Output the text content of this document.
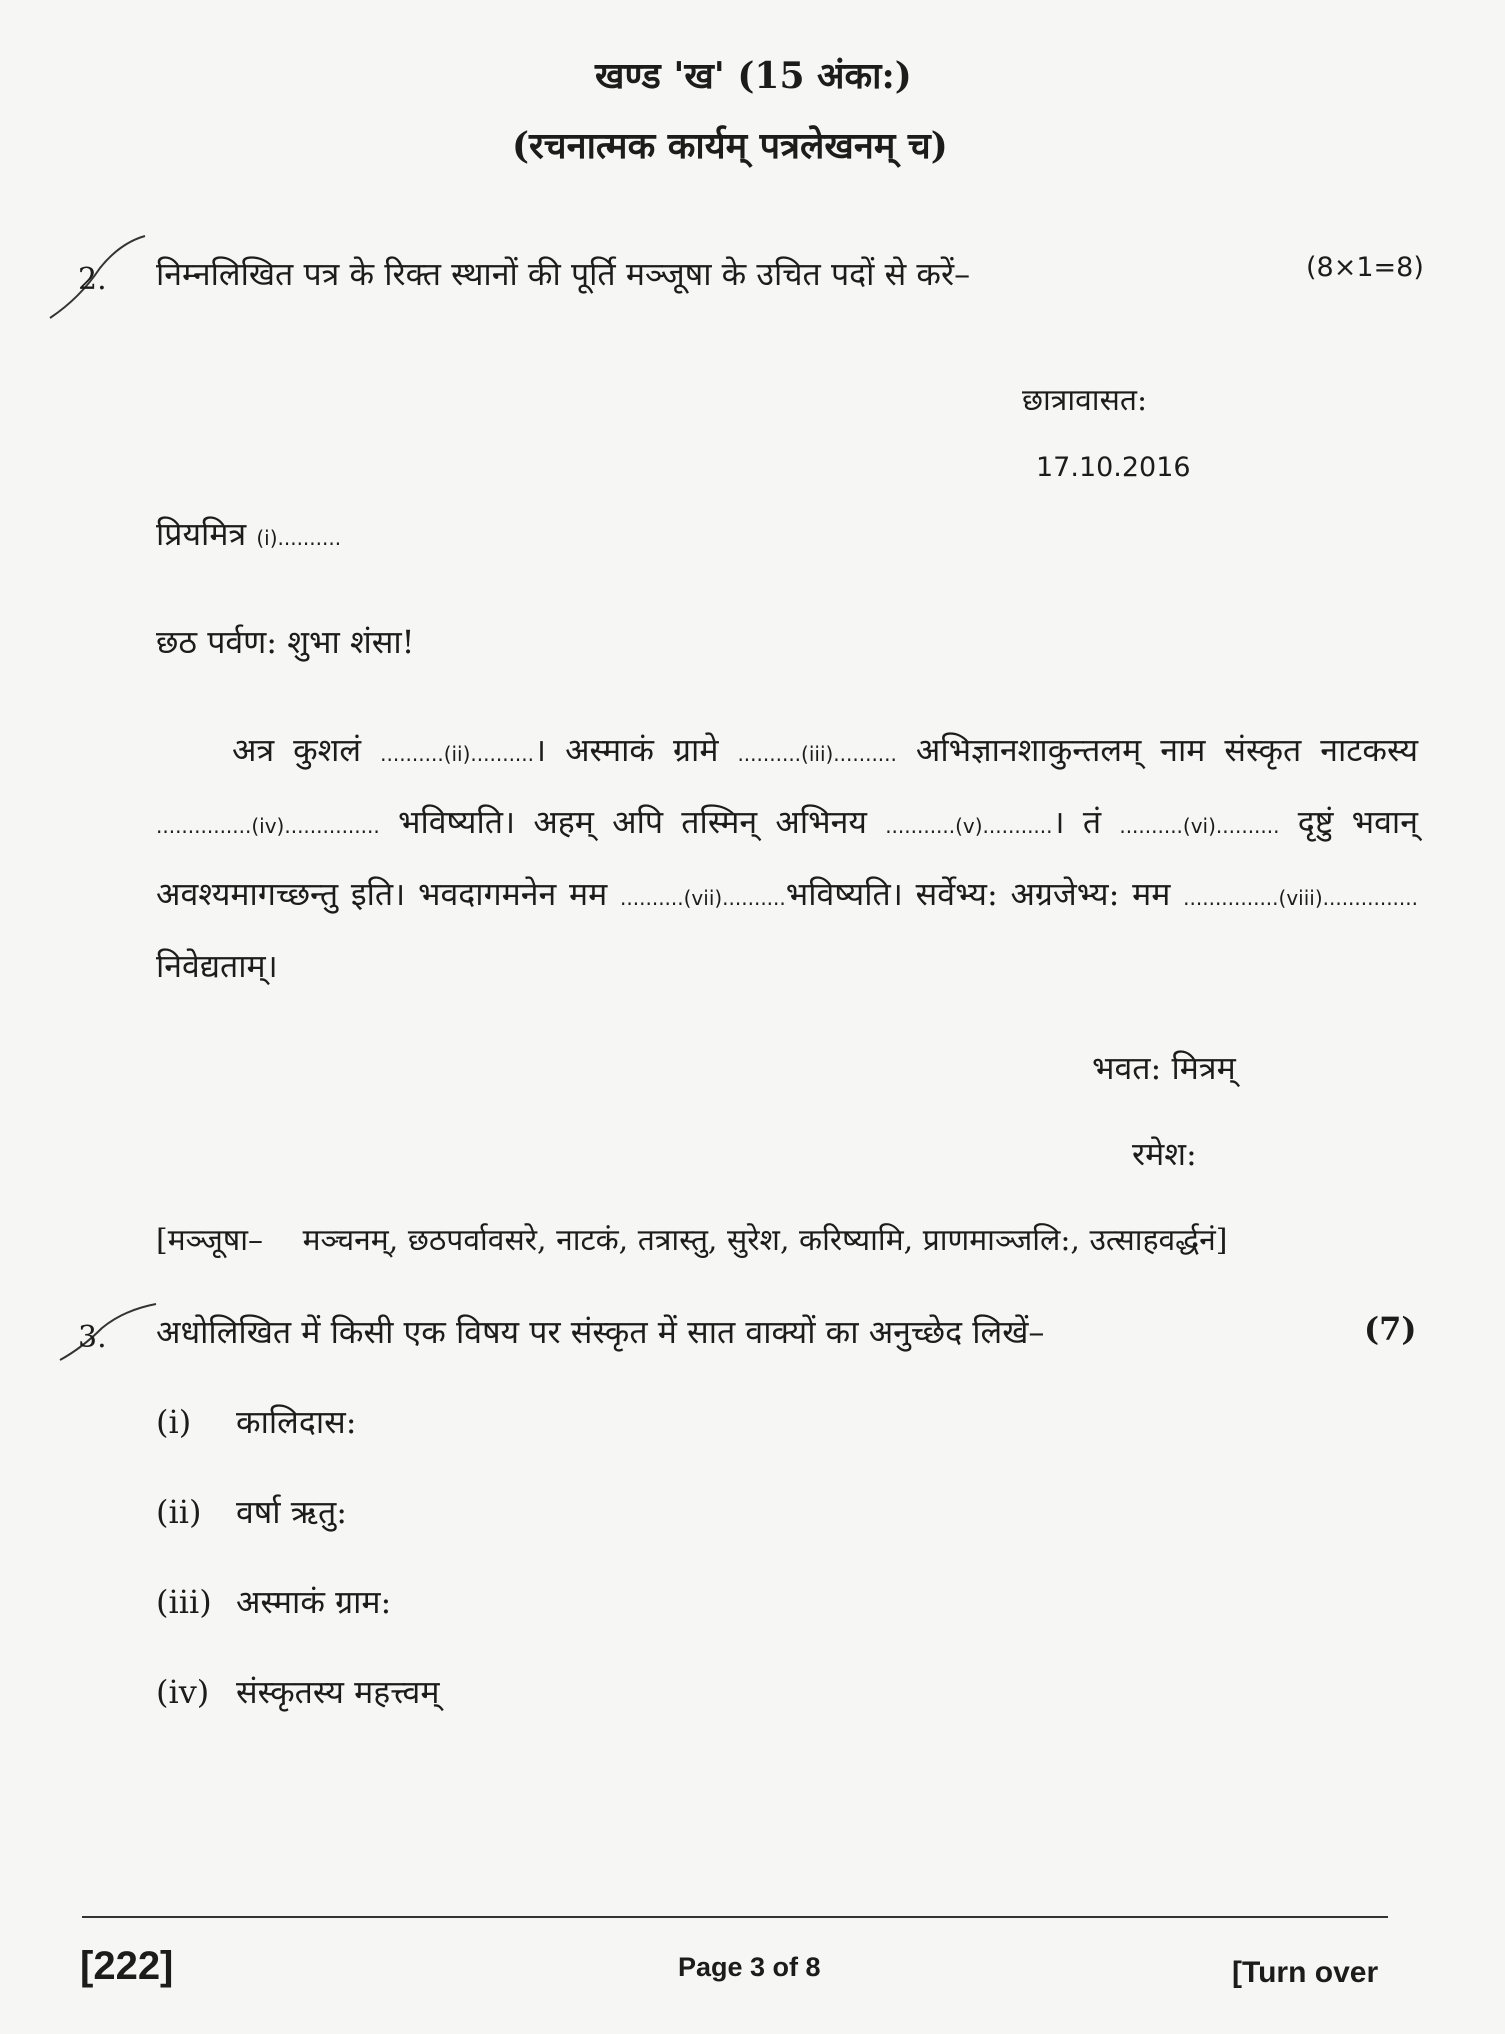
खण्ड 'ख' (15 अंका:)
(रचनात्मक कार्यम् पत्रलेखनम् च)
2. निम्नलिखित पत्र के रिक्त स्थानों की पूर्ति मञ्जूषा के उचित पदों से करें–	(8×1=8)
छात्रावासत:
17.10.2016
प्रियमित्र (i)..........
छठ पर्वण: शुभा शंसा!
अत्र कुशलं ..........(ii)..........। अस्माकं ग्रामे ..........(iii).......... अभिज्ञानशाकुन्तलम् नाम संस्कृत नाटकस्य ...............(iv)............... भविष्यति। अहम् अपि तस्मिन् अभिनय ...........(v)...........। तं ..........(vi).......... दृष्टुं भवान् अवश्यमागच्छन्तु इति। भवदागमनेन मम ..........(vii)..........भविष्यति। सर्वेभ्य: अग्रजेभ्य: मम ...............(viii)............... निवेद्यताम्।
भवत: मित्रम्
रमेश:
[मञ्जूषा– मञ्चनम्, छठपर्वावसरे, नाटकं, तत्रास्तु, सुरेश, करिष्यामि, प्राणमाञ्जलि:, उत्साहवर्द्धनं]
3. अधोलिखित में किसी एक विषय पर संस्कृत में सात वाक्यों का अनुच्छेद लिखें–	(7)
(i) कालिदास:
(ii) वर्षा ऋतु:
(iii) अस्माकं ग्राम:
(iv) संस्कृतस्य महत्त्वम्
[222]	Page 3 of 8	[Turn over
